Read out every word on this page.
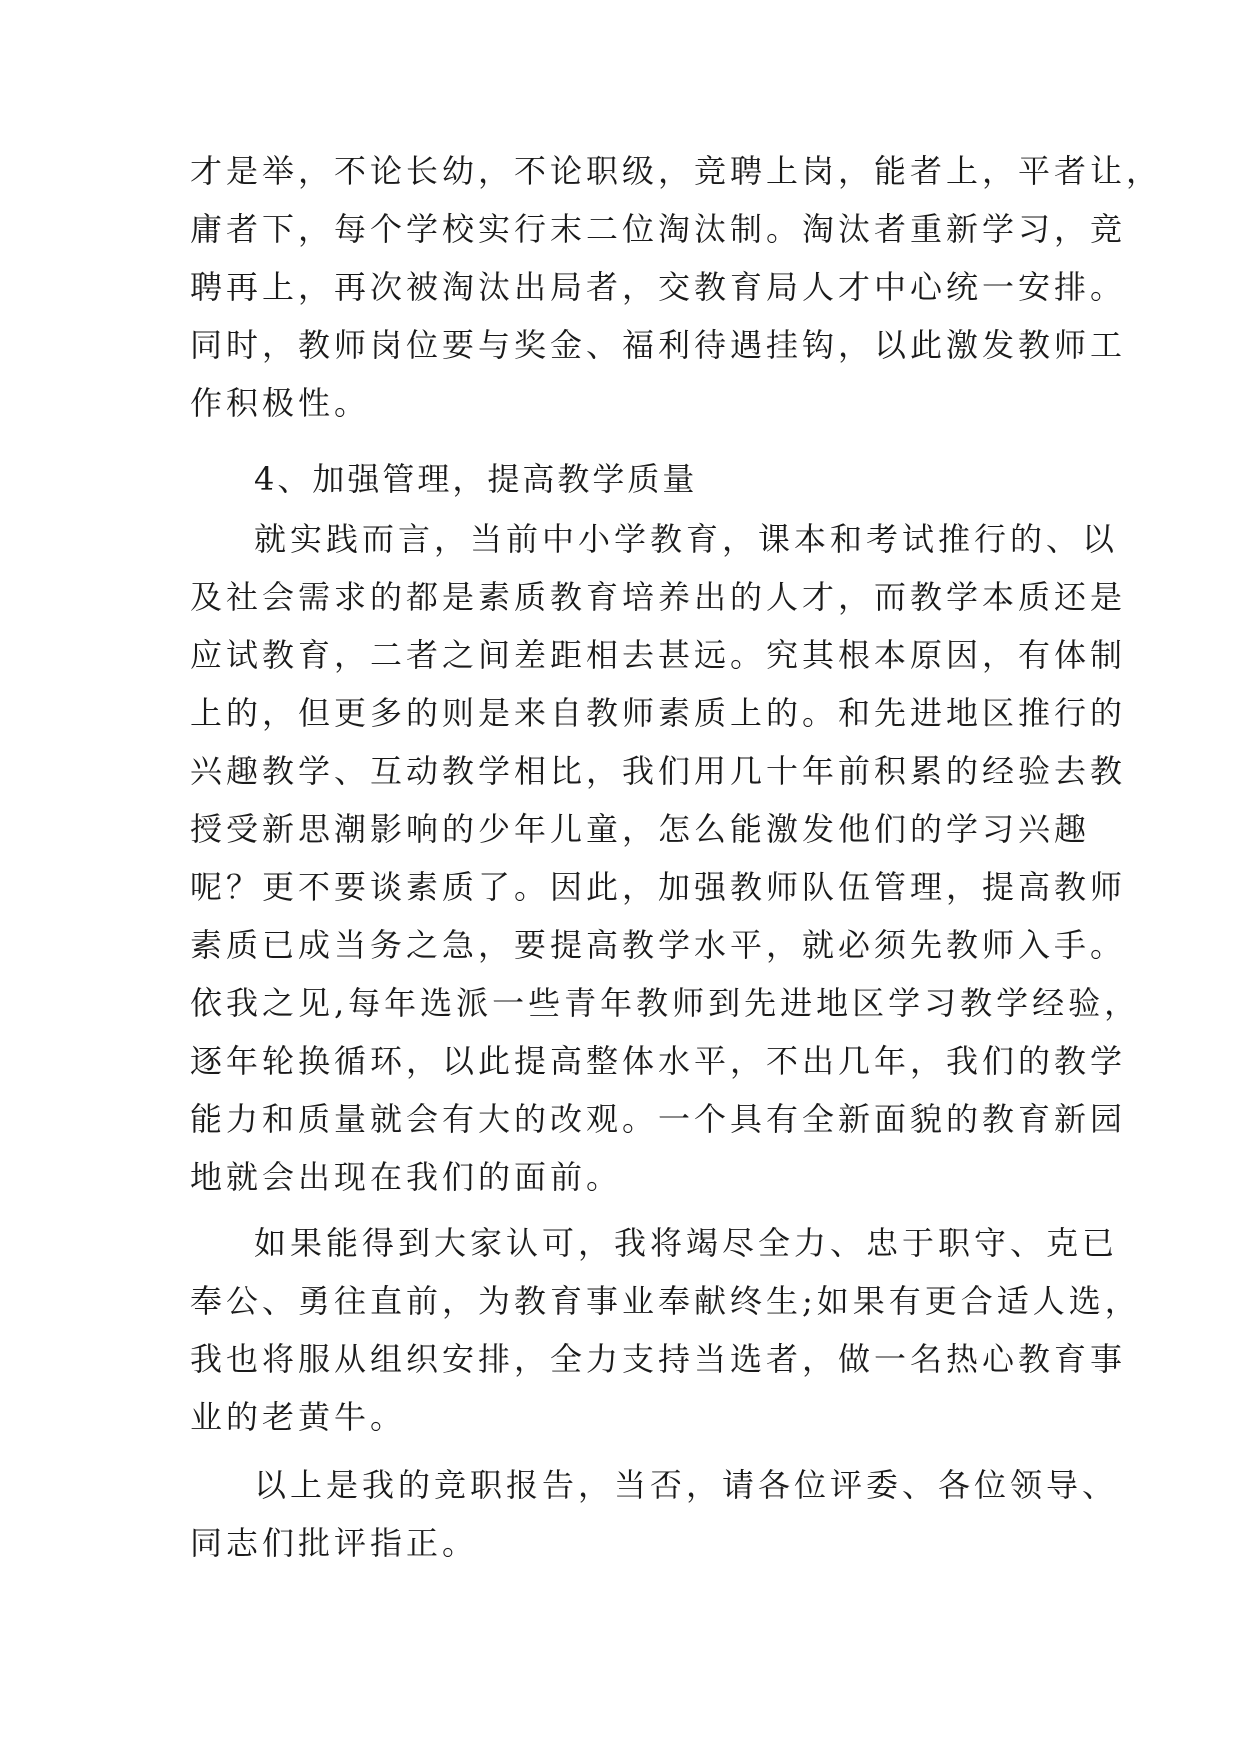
才是举，不论长幼，不论职级，竞聘上岗，能者上，平者让，
庸者下，每个学校实行末二位淘汰制。淘汰者重新学习，竞
聘再上，再次被淘汰出局者，交教育局人才中心统一安排。
同时，教师岗位要与奖金、福利待遇挂钩，以此激发教师工
作积极性。
4、加强管理，提高教学质量
就实践而言，当前中小学教育，课本和考试推行的、以
及社会需求的都是素质教育培养出的人才，而教学本质还是
应试教育，二者之间差距相去甚远。究其根本原因，有体制
上的，但更多的则是来自教师素质上的。和先进地区推行的
兴趣教学、互动教学相比，我们用几十年前积累的经验去教
授受新思潮影响的少年儿童，怎么能激发他们的学习兴趣
呢？更不要谈素质了。因此，加强教师队伍管理，提高教师
素质已成当务之急，要提高教学水平，就必须先教师入手。
依我之见,每年选派一些青年教师到先进地区学习教学经验，
逐年轮换循环，以此提高整体水平，不出几年，我们的教学
能力和质量就会有大的改观。一个具有全新面貌的教育新园
地就会出现在我们的面前。
如果能得到大家认可，我将竭尽全力、忠于职守、克已
奉公、勇往直前，为教育事业奉献终生;如果有更合适人选，
我也将服从组织安排，全力支持当选者，做一名热心教育事
业的老黄牛。
以上是我的竞职报告，当否，请各位评委、各位领导、
同志们批评指正。
